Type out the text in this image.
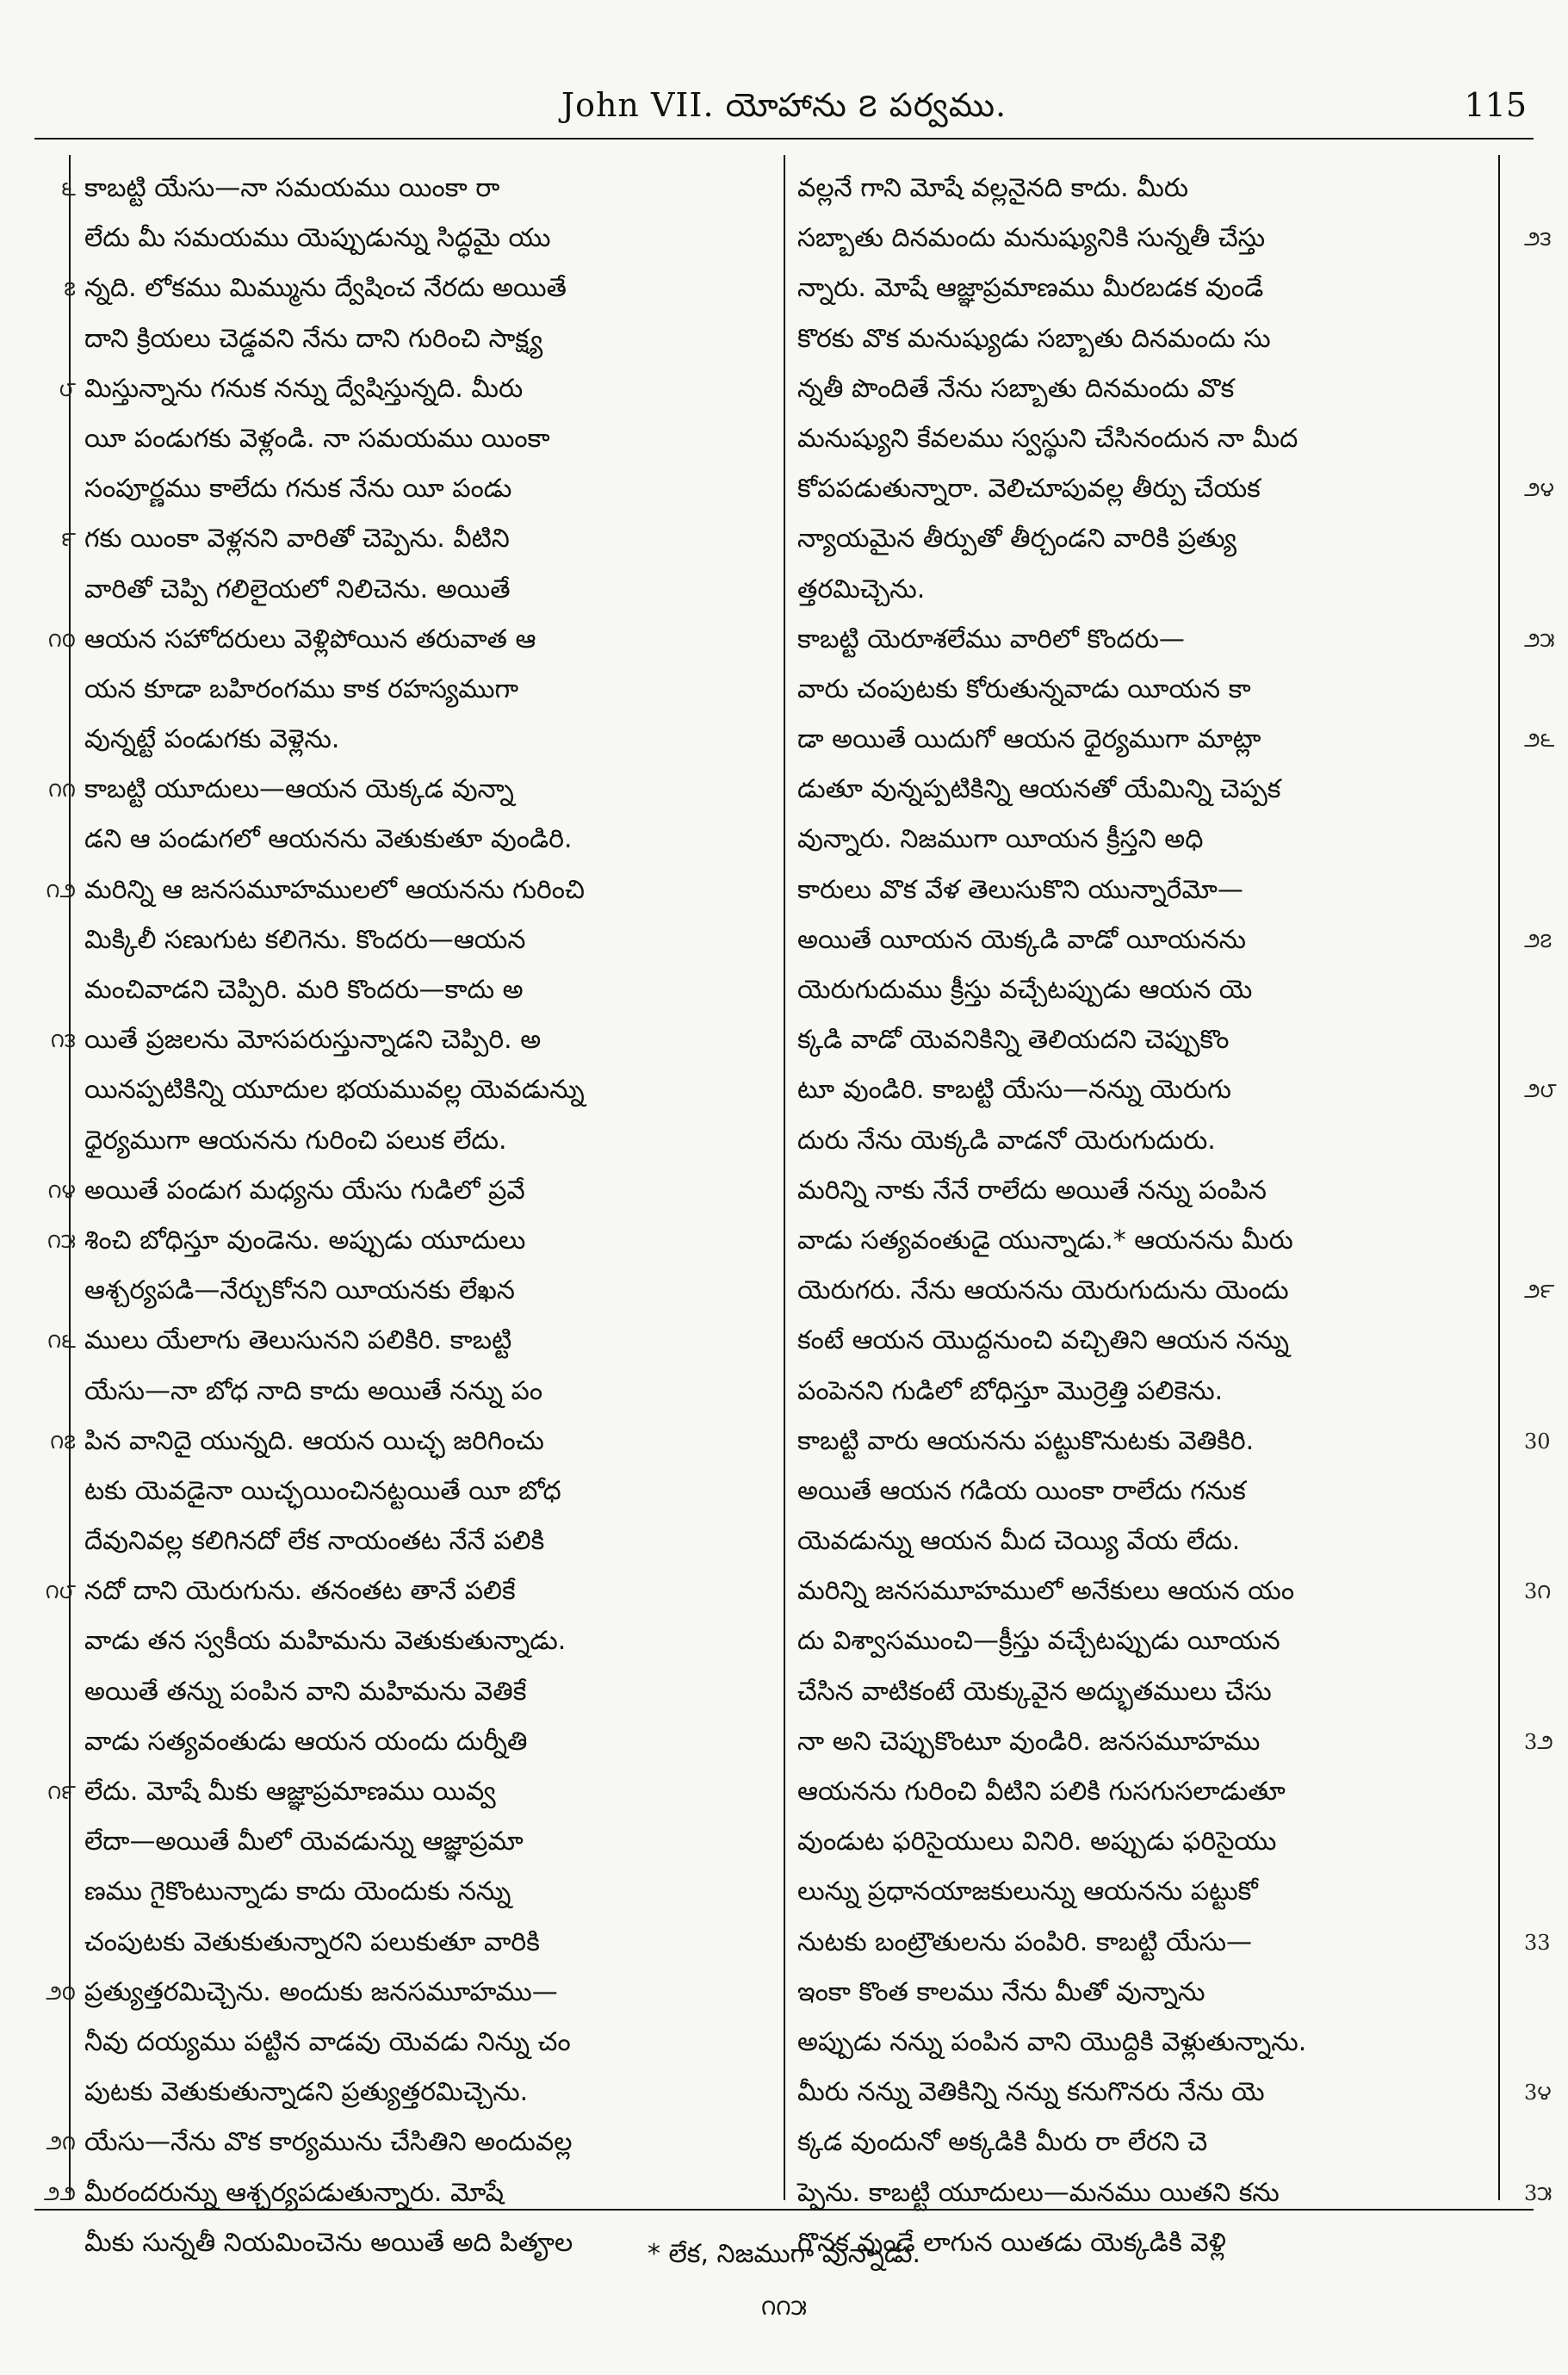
John VII. యోహాను ౭ పర్వము.	115
౬ కాబట్టి యేసు—నా సమయము యింకా రా
లేదు మీ సమయము యెప్పుడున్ను సిద్ధమై యు
౭ న్నది. లోకము మిమ్మును ద్వేషించ నేరదు అయితే
దాని క్రియలు చెడ్డవని నేను దాని గురించి సాక్ష్య
౮ మిస్తున్నాను గనుక నన్ను ద్వేషిస్తున్నది. మీరు
యీ పండుగకు వెళ్లండి. నా సమయము యింకా
సంపూర్ణము కాలేదు గనుక నేను యీ పండు
౯ గకు యింకా వెళ్లనని వారితో చెప్పెను. వీటిని
వారితో చెప్పి గలిలైయలో నిలిచెను. అయితే
౧౦ ఆయన సహోదరులు వెళ్లిపోయిన తరువాత ఆ
యన కూడా బహిరంగము కాక రహస్యముగా
వున్నట్టే పండుగకు వెళ్లెను.
౧౧ కాబట్టి యూదులు—ఆయన యెక్కడ వున్నా
డని ఆ పండుగలో ఆయనను వెతుకుతూ వుండిరి.
౧౨ మరిన్ని ఆ జనసమూహములలో ఆయనను గురించి
మిక్కిలీ సణుగుట కలిగెను. కొందరు—ఆయన
మంచివాడని చెప్పిరి. మరి కొందరు—కాదు అ
౧౩ యితే ప్రజలను మోసపరుస్తున్నాడని చెప్పిరి. అ
యినప్పటికిన్ని యూదుల భయమువల్ల యెవడున్ను
ధైర్యముగా ఆయనను గురించి పలుక లేదు.
౧౪ అయితే పండుగ మధ్యను యేసు గుడిలో ప్రవే
౧౫ శించి బోధిస్తూ వుండెను. అప్పుడు యూదులు
ఆశ్చర్యపడి—నేర్చుకోనని యీయనకు లేఖన
౧౬ ములు యేలాగు తెలుసునని పలికిరి. కాబట్టి
యేసు—నా బోధ నాది కాదు అయితే నన్ను పం
౧౭ పిన వానిదై యున్నది. ఆయన యిచ్ఛ జరిగించు
టకు యెవడైనా యిచ్ఛయించినట్టయితే యీ బోధ
దేవునివల్ల కలిగినదో లేక నాయంతట నేనే పలికి
౧౮ నదో దాని యెరుగును. తనంతట తానే పలికే
వాడు తన స్వకీయ మహిమను వెతుకుతున్నాడు.
అయితే తన్ను పంపిన వాని మహిమను వెతికే
వాడు సత్యవంతుడు ఆయన యందు దుర్నీతి
౧౯ లేదు. మోషే మీకు ఆజ్ఞాప్రమాణము యివ్వ
లేదా—అయితే మీలో యెవడున్ను ఆజ్ఞాప్రమా
ణము గైకొంటున్నాడు కాదు యెందుకు నన్ను
చంపుటకు వెతుకుతున్నారని పలుకుతూ వారికి
౨౦ ప్రత్యుత్తరమిచ్చెను. అందుకు జనసమూహము—
నీవు దయ్యము పట్టిన వాడవు యెవడు నిన్ను చం
పుటకు వెతుకుతున్నాడని ప్రత్యుత్తరమిచ్చెను.
౨౧ యేసు—నేను వొక కార్యమును చేసితిని అందువల్ల
౨౨ మీరందరున్ను ఆశ్చర్యపడుతున్నారు. మోషే
మీకు సున్నతీ నియమించెను అయితే అది పితౄల
వల్లనే గాని మోషే వల్లనైనది కాదు. మీరు
౨౩
సబ్బాతు దినమందు మనుష్యునికి సున్నతీ చేస్తు
న్నారు. మోషే ఆజ్ఞాప్రమాణము మీరబడక వుండే
కొరకు వొక మనుష్యుడు సబ్బాతు దినమందు సు
న్నతీ పొందితే నేను సబ్బాతు దినమందు వొక
మనుష్యుని కేవలము స్వస్థుని చేసినందున నా మీద
౨౪
కోపపడుతున్నారా. వెలిచూపువల్ల తీర్పు చేయక
న్యాయమైన తీర్పుతో తీర్చండని వారికి ప్రత్యు
త్తరమిచ్చెను.
౨౫
కాబట్టి యెరూశలేము వారిలో కొందరు—
వారు చంపుటకు కోరుతున్నవాడు యీయన కా
౨౬
డా అయితే యిదుగో ఆయన ధైర్యముగా మాట్లా
డుతూ వున్నప్పటికిన్ని ఆయనతో యేమిన్ని చెప్పక
వున్నారు. నిజముగా యీయన క్రీస్తని అధి
కారులు వొక వేళ తెలుసుకొని యున్నారేమో—
౨౭
అయితే యీయన యెక్కడి వాడో యీయనను
యెరుగుదుము క్రీస్తు వచ్చేటప్పుడు ఆయన యె
క్కడి వాడో యెవనికిన్ని తెలియదని చెప్పుకొం
౨౮
టూ వుండిరి. కాబట్టి యేసు—నన్ను యెరుగు
దురు నేను యెక్కడి వాడనో యెరుగుదురు.
మరిన్ని నాకు నేనే రాలేదు అయితే నన్ను పంపిన
వాడు సత్యవంతుడై యున్నాడు.* ఆయనను మీరు
౨౯
యెరుగరు. నేను ఆయనను యెరుగుదును యెందు
కంటే ఆయన యొద్దనుంచి వచ్చితిని ఆయన నన్ను
పంపెనని గుడిలో బోధిస్తూ మొర్రెత్తి పలికెను.
30
కాబట్టి వారు ఆయనను పట్టుకొనుటకు వెతికిరి.
అయితే ఆయన గడియ యింకా రాలేదు గనుక
యెవడున్ను ఆయన మీద చెయ్యి వేయ లేదు.
3౧
మరిన్ని జనసమూహములో అనేకులు ఆయన యం
దు విశ్వాసముంచి—క్రీస్తు వచ్చేటప్పుడు యీయన
చేసిన వాటికంటే యెక్కువైన అద్భుతములు చేసు
3౨
నా అని చెప్పుకొంటూ వుండిరి. జనసమూహము
ఆయనను గురించి వీటిని పలికి గుసగుసలాడుతూ
వుండుట ఫరిసైయులు వినిరి. అప్పుడు ఫరిసైయు
లున్ను ప్రధానయాజకులున్ను ఆయనను పట్టుకో
33
నుటకు బంట్రౌతులను పంపిరి. కాబట్టి యేసు—
ఇంకా కొంత కాలము నేను మీతో వున్నాను
అప్పుడు నన్ను పంపిన వాని యొద్దికి వెళ్లుతున్నాను.
3౪
మీరు నన్ను వెతికిన్ని నన్ను కనుగొనరు నేను యె
క్కడ వుందునో అక్కడికి మీరు రా లేరని చె
3౫
ప్పెను. కాబట్టి యూదులు—మనము యితని కను
గొనక వుండే లాగున యితడు యెక్కడికి వెళ్లి
* లేక, నిజముగా వున్నాడు.
౧౧౫
